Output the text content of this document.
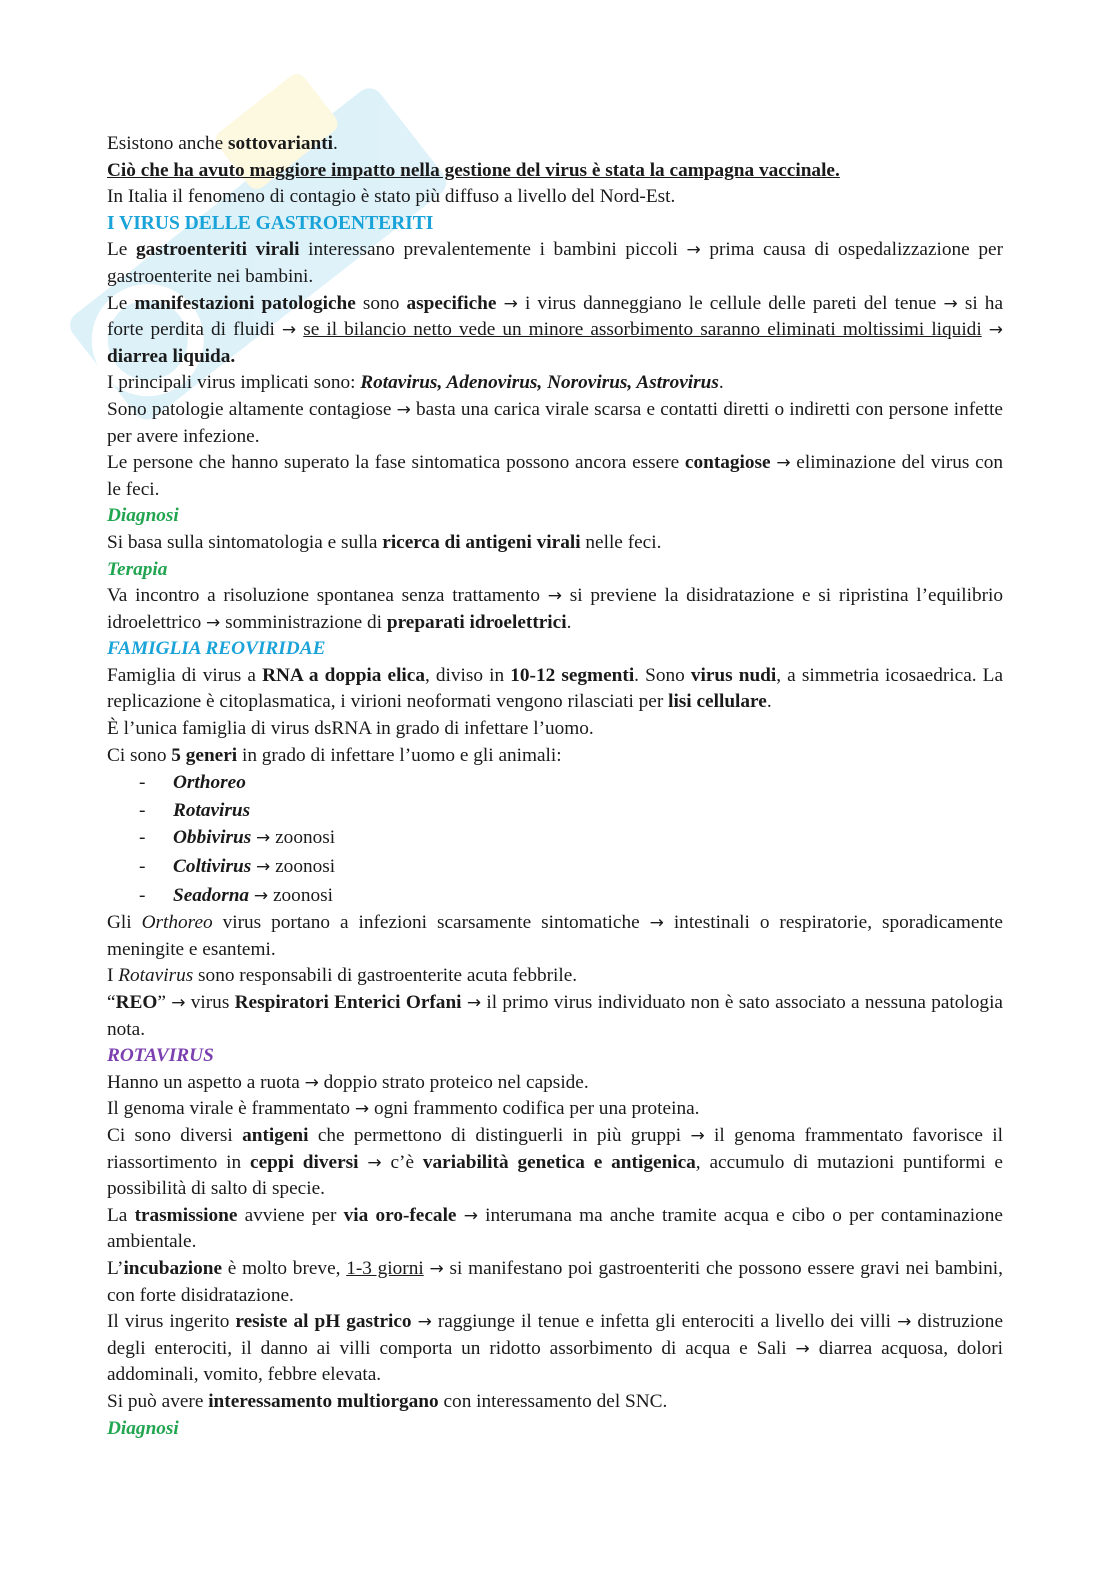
Esistono anche sottovarianti.

Ciò che ha avuto maggiore impatto nella gestione del virus è stata la campagna vaccinale.

In Italia il fenomeno di contagio è stato più diffuso a livello del Nord-Est.

I VIRUS DELLE GASTROENTERITI

Le gastroenteriti virali interessano prevalentemente i bambini piccoli → prima causa di ospedalizzazione per gastroenterite nei bambini.

Le manifestazioni patologiche sono aspecifiche → i virus danneggiano le cellule delle pareti del tenue → si ha forte perdita di fluidi → se il bilancio netto vede un minore assorbimento saranno eliminati moltissimi liquidi → diarrea liquida.

I principali virus implicati sono: Rotavirus, Adenovirus, Norovirus, Astrovirus.

Sono patologie altamente contagiose → basta una carica virale scarsa e contatti diretti o indiretti con persone infette per avere infezione.

Le persone che hanno superato la fase sintomatica possono ancora essere contagiose → eliminazione del virus con le feci.

Diagnosi

Si basa sulla sintomatologia e sulla ricerca di antigeni virali nelle feci.

Terapia

Va incontro a risoluzione spontanea senza trattamento → si previene la disidratazione e si ripristina l’equilibrio idroelettrico → somministrazione di preparati idroelettrici.

FAMIGLIA REOVIRIDAE

Famiglia di virus a RNA a doppia elica, diviso in 10-12 segmenti. Sono virus nudi, a simmetria icosaedrica. La replicazione è citoplasmatica, i virioni neoformati vengono rilasciati per lisi cellulare.

È l’unica famiglia di virus dsRNA in grado di infettare l’uomo.

Ci sono 5 generi in grado di infettare l’uomo e gli animali:

-	Orthoreo
-	Rotavirus
-	Obbivirus → zoonosi
-	Coltivirus → zoonosi
-	Seadorna → zoonosi

Gli Orthoreo virus portano a infezioni scarsamente sintomatiche → intestinali o respiratorie, sporadicamente meningite e esantemi.

I Rotavirus sono responsabili di gastroenterite acuta febbrile.

“REO” → virus Respiratori Enterici Orfani → il primo virus individuato non è sato associato a nessuna patologia nota.

ROTAVIRUS

Hanno un aspetto a ruota → doppio strato proteico nel capside.

Il genoma virale è frammentato → ogni frammento codifica per una proteina.

Ci sono diversi antigeni che permettono di distinguerli in più gruppi → il genoma frammentato favorisce il riassortimento in ceppi diversi → c’è variabilità genetica e antigenica, accumulo di mutazioni puntiformi e possibilità di salto di specie.

La trasmissione avviene per via oro-fecale → interumana ma anche tramite acqua e cibo o per contaminazione ambientale.

L’incubazione è molto breve, 1-3 giorni → si manifestano poi gastroenteriti che possono essere gravi nei bambini, con forte disidratazione.

Il virus ingerito resiste al pH gastrico → raggiunge il tenue e infetta gli enterociti a livello dei villi → distruzione degli enterociti, il danno ai villi comporta un ridotto assorbimento di acqua e Sali → diarrea acquosa, dolori addominali, vomito, febbre elevata.

Si può avere interessamento multiorgano con interessamento del SNC.

Diagnosi
